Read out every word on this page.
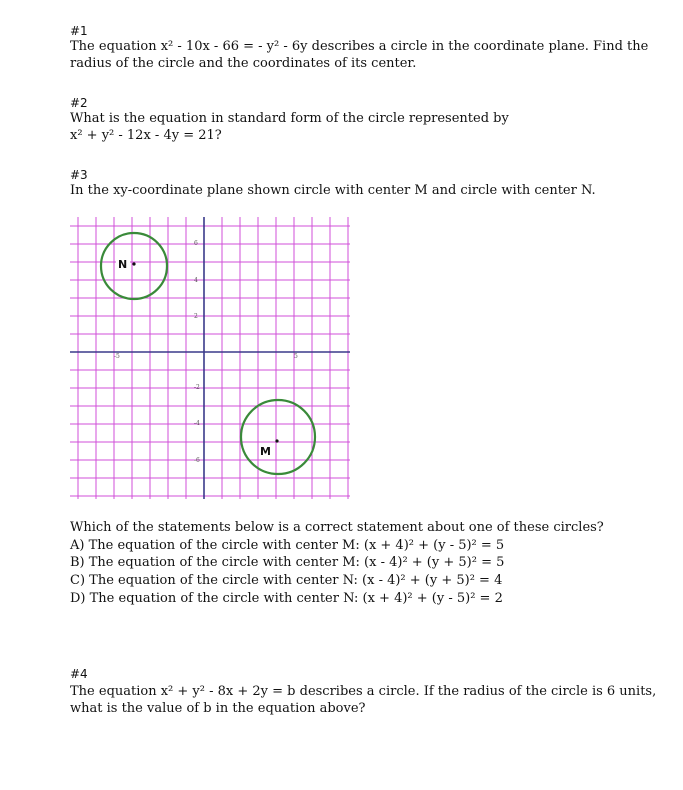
#1
The equation x² - 10x - 66 = - y² - 6y describes a circle in the coordinate plane. Find the
radius of the circle and the coordinates of its center.
#2
What is the equation in standard form of the circle represented by
x² + y² - 12x - 4y = 21?
#3
In the xy-coordinate plane shown circle with center M and circle with center N.
-5	5
6
4
2
-2
-4
-6
N
M
Which of the statements below is a correct statement about one of these circles?
A) The equation of the circle with center M: (x + 4)² + (y - 5)² = 5
B) The equation of the circle with center M: (x - 4)² + (y + 5)² = 5
C) The equation of the circle with center N: (x - 4)² + (y + 5)² = 4
D) The equation of the circle with center N: (x + 4)² + (y - 5)² = 2
#4
The equation x² + y² - 8x + 2y = b describes a circle. If the radius of the circle is 6 units,
what is the value of b in the equation above?
